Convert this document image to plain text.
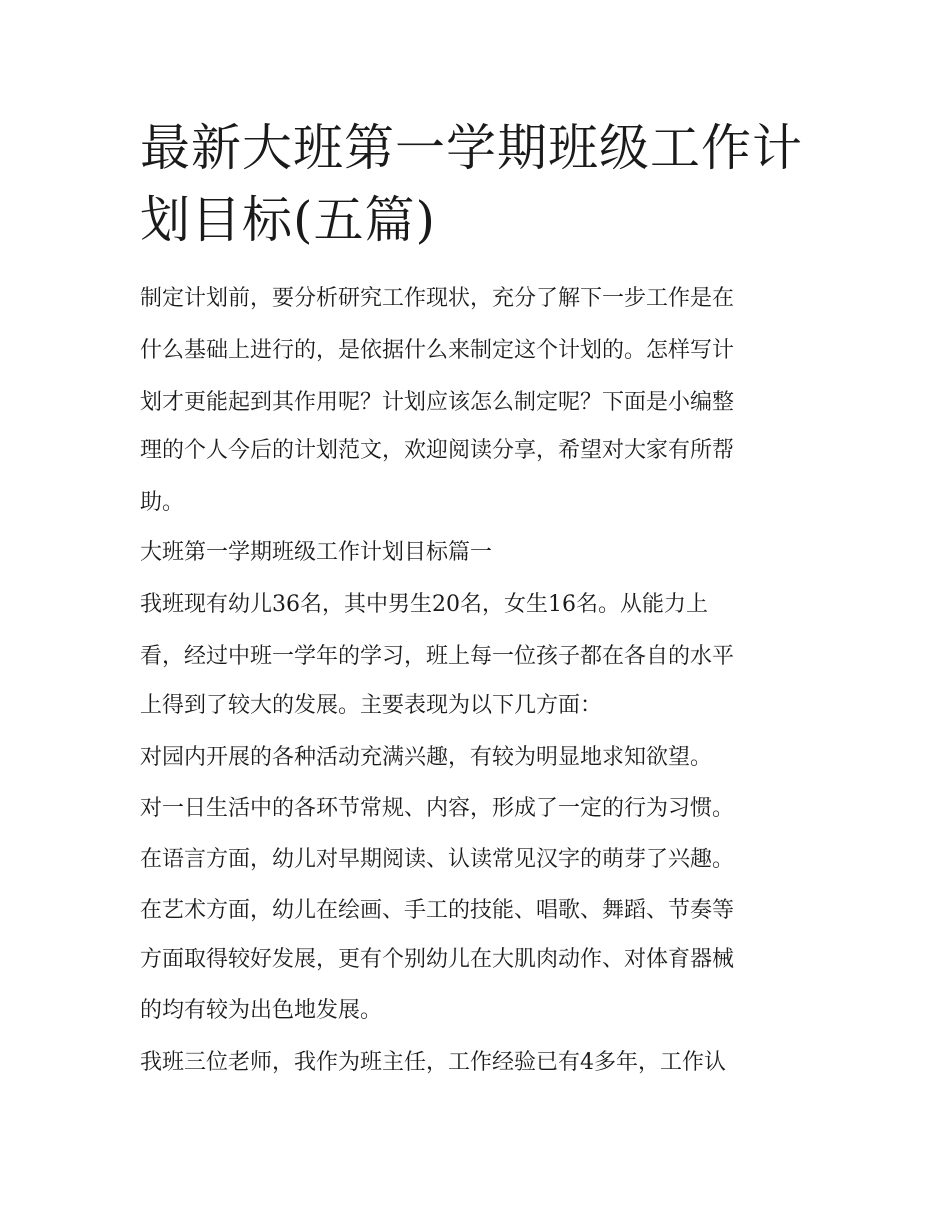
最新大班第一学期班级工作计
划目标(五篇)

制定计划前，要分析研究工作现状，充分了解下一步工作是在

什么基础上进行的，是依据什么来制定这个计划的。怎样写计

划才更能起到其作用呢？计划应该怎么制定呢？下面是小编整

理的个人今后的计划范文，欢迎阅读分享，希望对大家有所帮

助。

大班第一学期班级工作计划目标篇一

我班现有幼儿36名，其中男生20名，女生16名。从能力上

看，经过中班一学年的学习，班上每一位孩子都在各自的水平

上得到了较大的发展。主要表现为以下几方面：

对园内开展的各种活动充满兴趣，有较为明显地求知欲望。

对一日生活中的各环节常规、内容，形成了一定的行为习惯。

在语言方面，幼儿对早期阅读、认读常见汉字的萌芽了兴趣。

在艺术方面，幼儿在绘画、手工的技能、唱歌、舞蹈、节奏等

方面取得较好发展，更有个别幼儿在大肌肉动作、对体育器械

的均有较为出色地发展。

我班三位老师，我作为班主任，工作经验已有4多年，工作认
